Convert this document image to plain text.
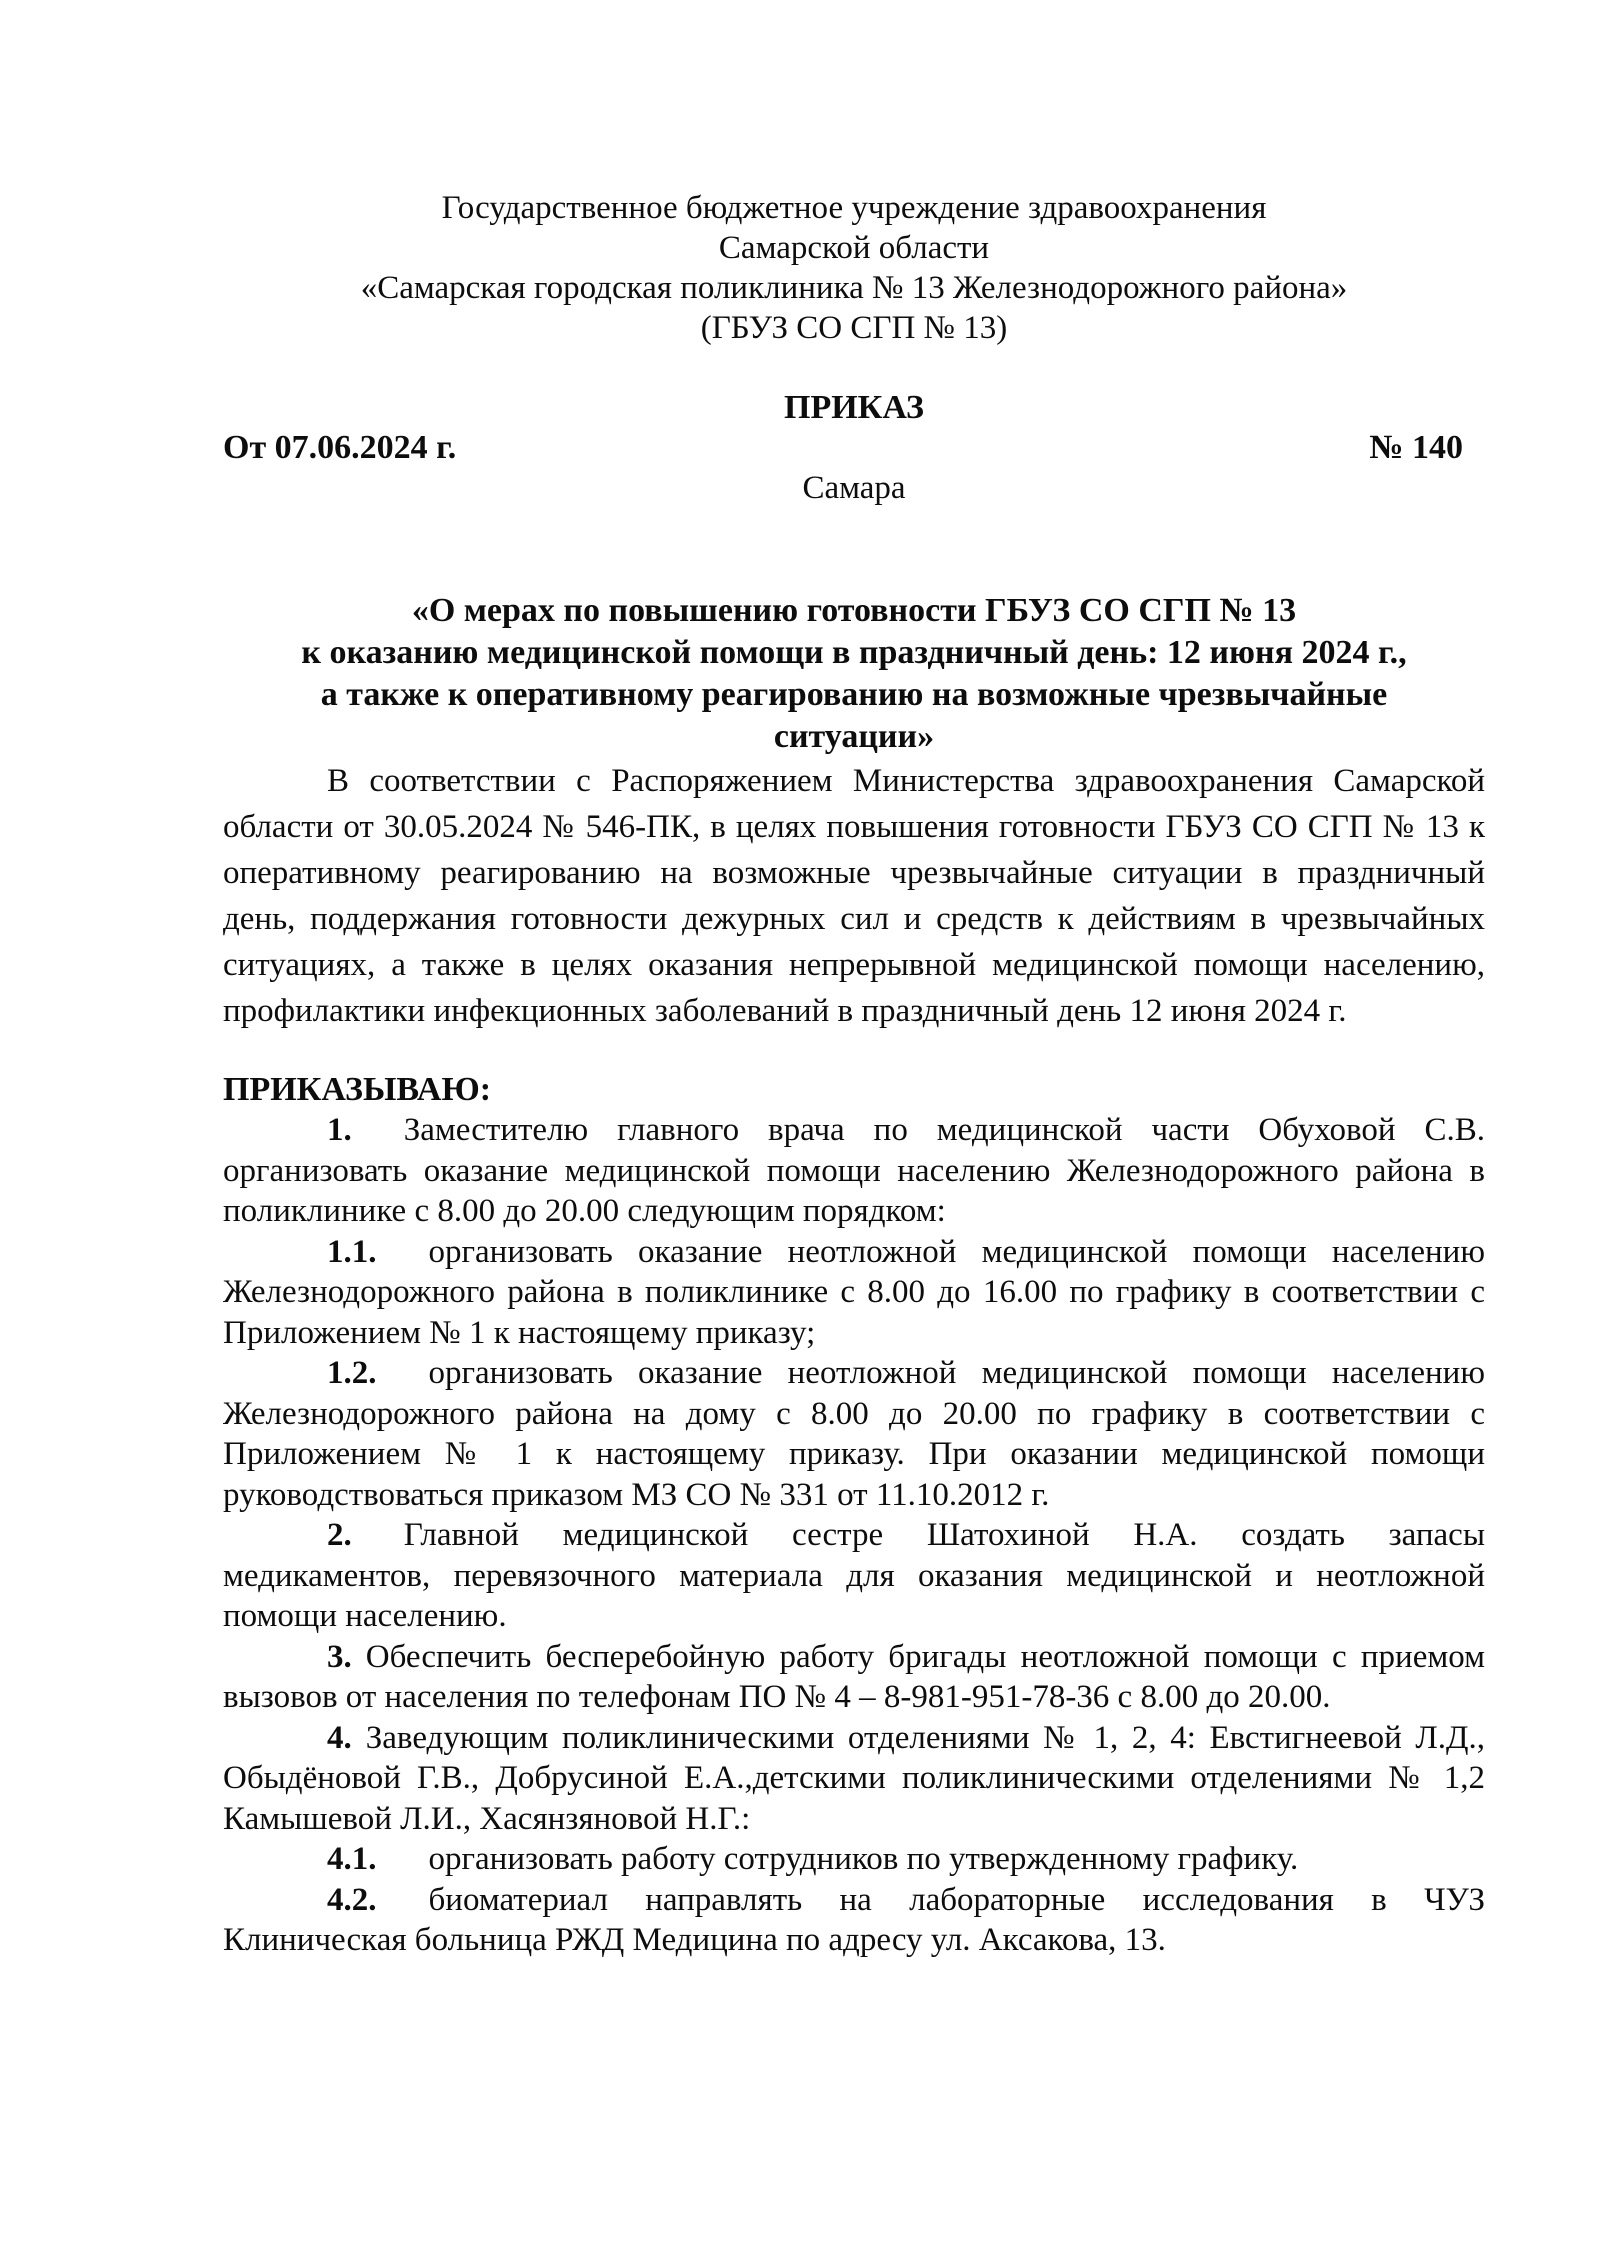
Государственное бюджетное учреждение здравоохранения
Самарской области
«Самарская городская поликлиника № 13 Железнодорожного района»
(ГБУЗ СО СГП № 13)
ПРИКАЗ
От 07.06.2024 г.	№ 140
Самара
«О мерах по повышению готовности ГБУЗ СО СГП № 13
к оказанию медицинской помощи в праздничный день: 12 июня 2024 г.,
а также к оперативному реагированию на возможные чрезвычайные
ситуации»

В соответствии с Распоряжением Министерства здравоохранения Самарской области от 30.05.2024 № 546-ПК, в целях повышения готовности ГБУЗ СО СГП № 13 к оперативному реагированию на возможные чрезвычайные ситуации в праздничный день, поддержания готовности дежурных сил и средств к действиям в чрезвычайных ситуациях, а также в целях оказания непрерывной медицинской помощи населению, профилактики инфекционных заболеваний в праздничный день 12 июня 2024 г.

ПРИКАЗЫВАЮ:

1. Заместителю главного врача по медицинской части Обуховой С.В. организовать оказание медицинской помощи населению Железнодорожного района в поликлинике с 8.00 до 20.00 следующим порядком:

1.1. организовать оказание неотложной медицинской помощи населению Железнодорожного района в поликлинике с 8.00 до 16.00 по графику в соответствии с Приложением № 1 к настоящему приказу;

1.2. организовать оказание неотложной медицинской помощи населению Железнодорожного района на дому с 8.00 до 20.00 по графику в соответствии с Приложением № 1 к настоящему приказу. При оказании медицинской помощи руководствоваться приказом МЗ СО № 331 от 11.10.2012 г.

2. Главной медицинской сестре Шатохиной Н.А. создать запасы медикаментов, перевязочного материала для оказания медицинской и неотложной помощи населению.

3. Обеспечить бесперебойную работу бригады неотложной помощи с приемом вызовов от населения по телефонам ПО № 4 – 8-981-951-78-36 с 8.00 до 20.00.

4. Заведующим поликлиническими отделениями № 1, 2, 4: Евстигнеевой Л.Д., Обыдёновой Г.В., Добрусиной Е.А.,детскими поликлиническими отделениями № 1,2 Камышевой Л.И., Хасянзяновой Н.Г.:

4.1. организовать работу сотрудников по утвержденному графику.

4.2. биоматериал направлять на лабораторные исследования в ЧУЗ Клиническая больница РЖД Медицина по адресу ул. Аксакова, 13.
